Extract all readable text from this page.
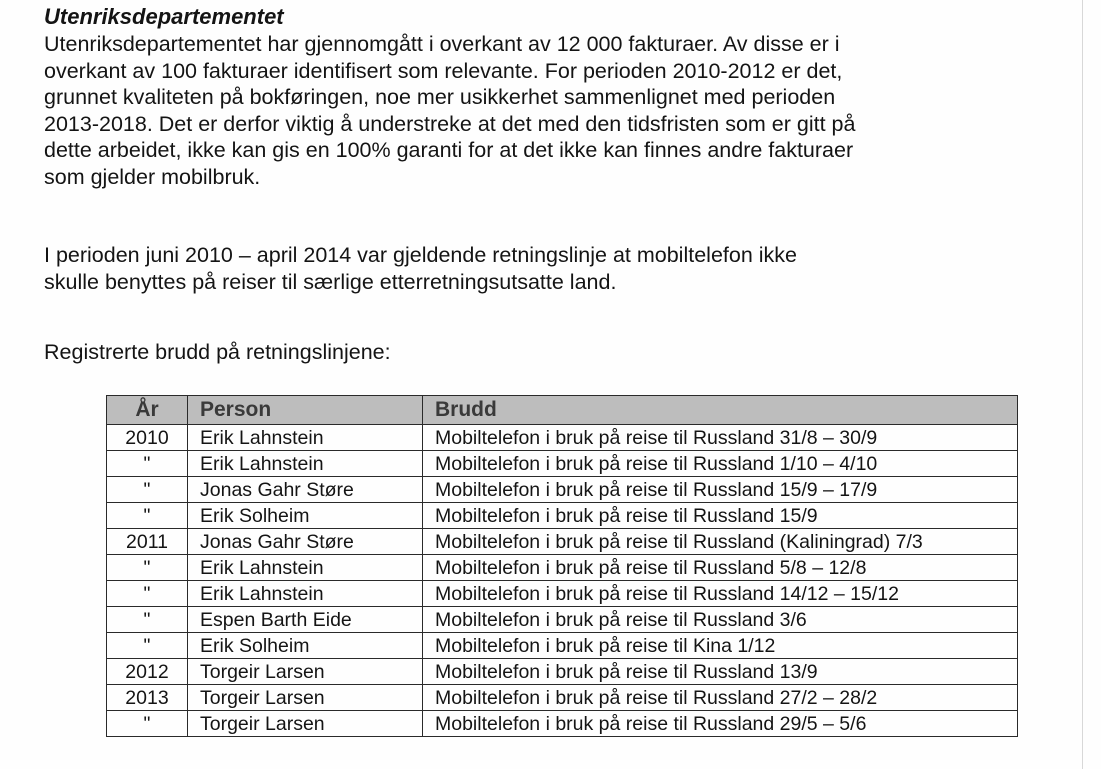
Utenriksdepartementet

Utenriksdepartementet har gjennomgått i overkant av 12 000 fakturaer. Av disse er i
overkant av 100 fakturaer identifisert som relevante. For perioden 2010-2012 er det,
grunnet kvaliteten på bokføringen, noe mer usikkerhet sammenlignet med perioden
2013-2018. Det er derfor viktig å understreke at det med den tidsfristen som er gitt på
dette arbeidet, ikke kan gis en 100% garanti for at det ikke kan finnes andre fakturaer
som gjelder mobilbruk.

I perioden juni 2010 – april 2014 var gjeldende retningslinje at mobiltelefon ikke
skulle benyttes på reiser til særlige etterretningsutsatte land.

Registrerte brudd på retningslinjene:

År	Person	Brudd
2010	Erik Lahnstein	Mobiltelefon i bruk på reise til Russland 31/8 – 30/9
"	Erik Lahnstein	Mobiltelefon i bruk på reise til Russland 1/10 – 4/10
"	Jonas Gahr Støre	Mobiltelefon i bruk på reise til Russland 15/9 – 17/9
"	Erik Solheim	Mobiltelefon i bruk på reise til Russland 15/9
2011	Jonas Gahr Støre	Mobiltelefon i bruk på reise til Russland (Kaliningrad) 7/3
"	Erik Lahnstein	Mobiltelefon i bruk på reise til Russland 5/8 – 12/8
"	Erik Lahnstein	Mobiltelefon i bruk på reise til Russland 14/12 – 15/12
"	Espen Barth Eide	Mobiltelefon i bruk på reise til Russland 3/6
"	Erik Solheim	Mobiltelefon i bruk på reise til Kina 1/12
2012	Torgeir Larsen	Mobiltelefon i bruk på reise til Russland 13/9
2013	Torgeir Larsen	Mobiltelefon i bruk på reise til Russland 27/2 – 28/2
"	Torgeir Larsen	Mobiltelefon i bruk på reise til Russland 29/5 – 5/6
